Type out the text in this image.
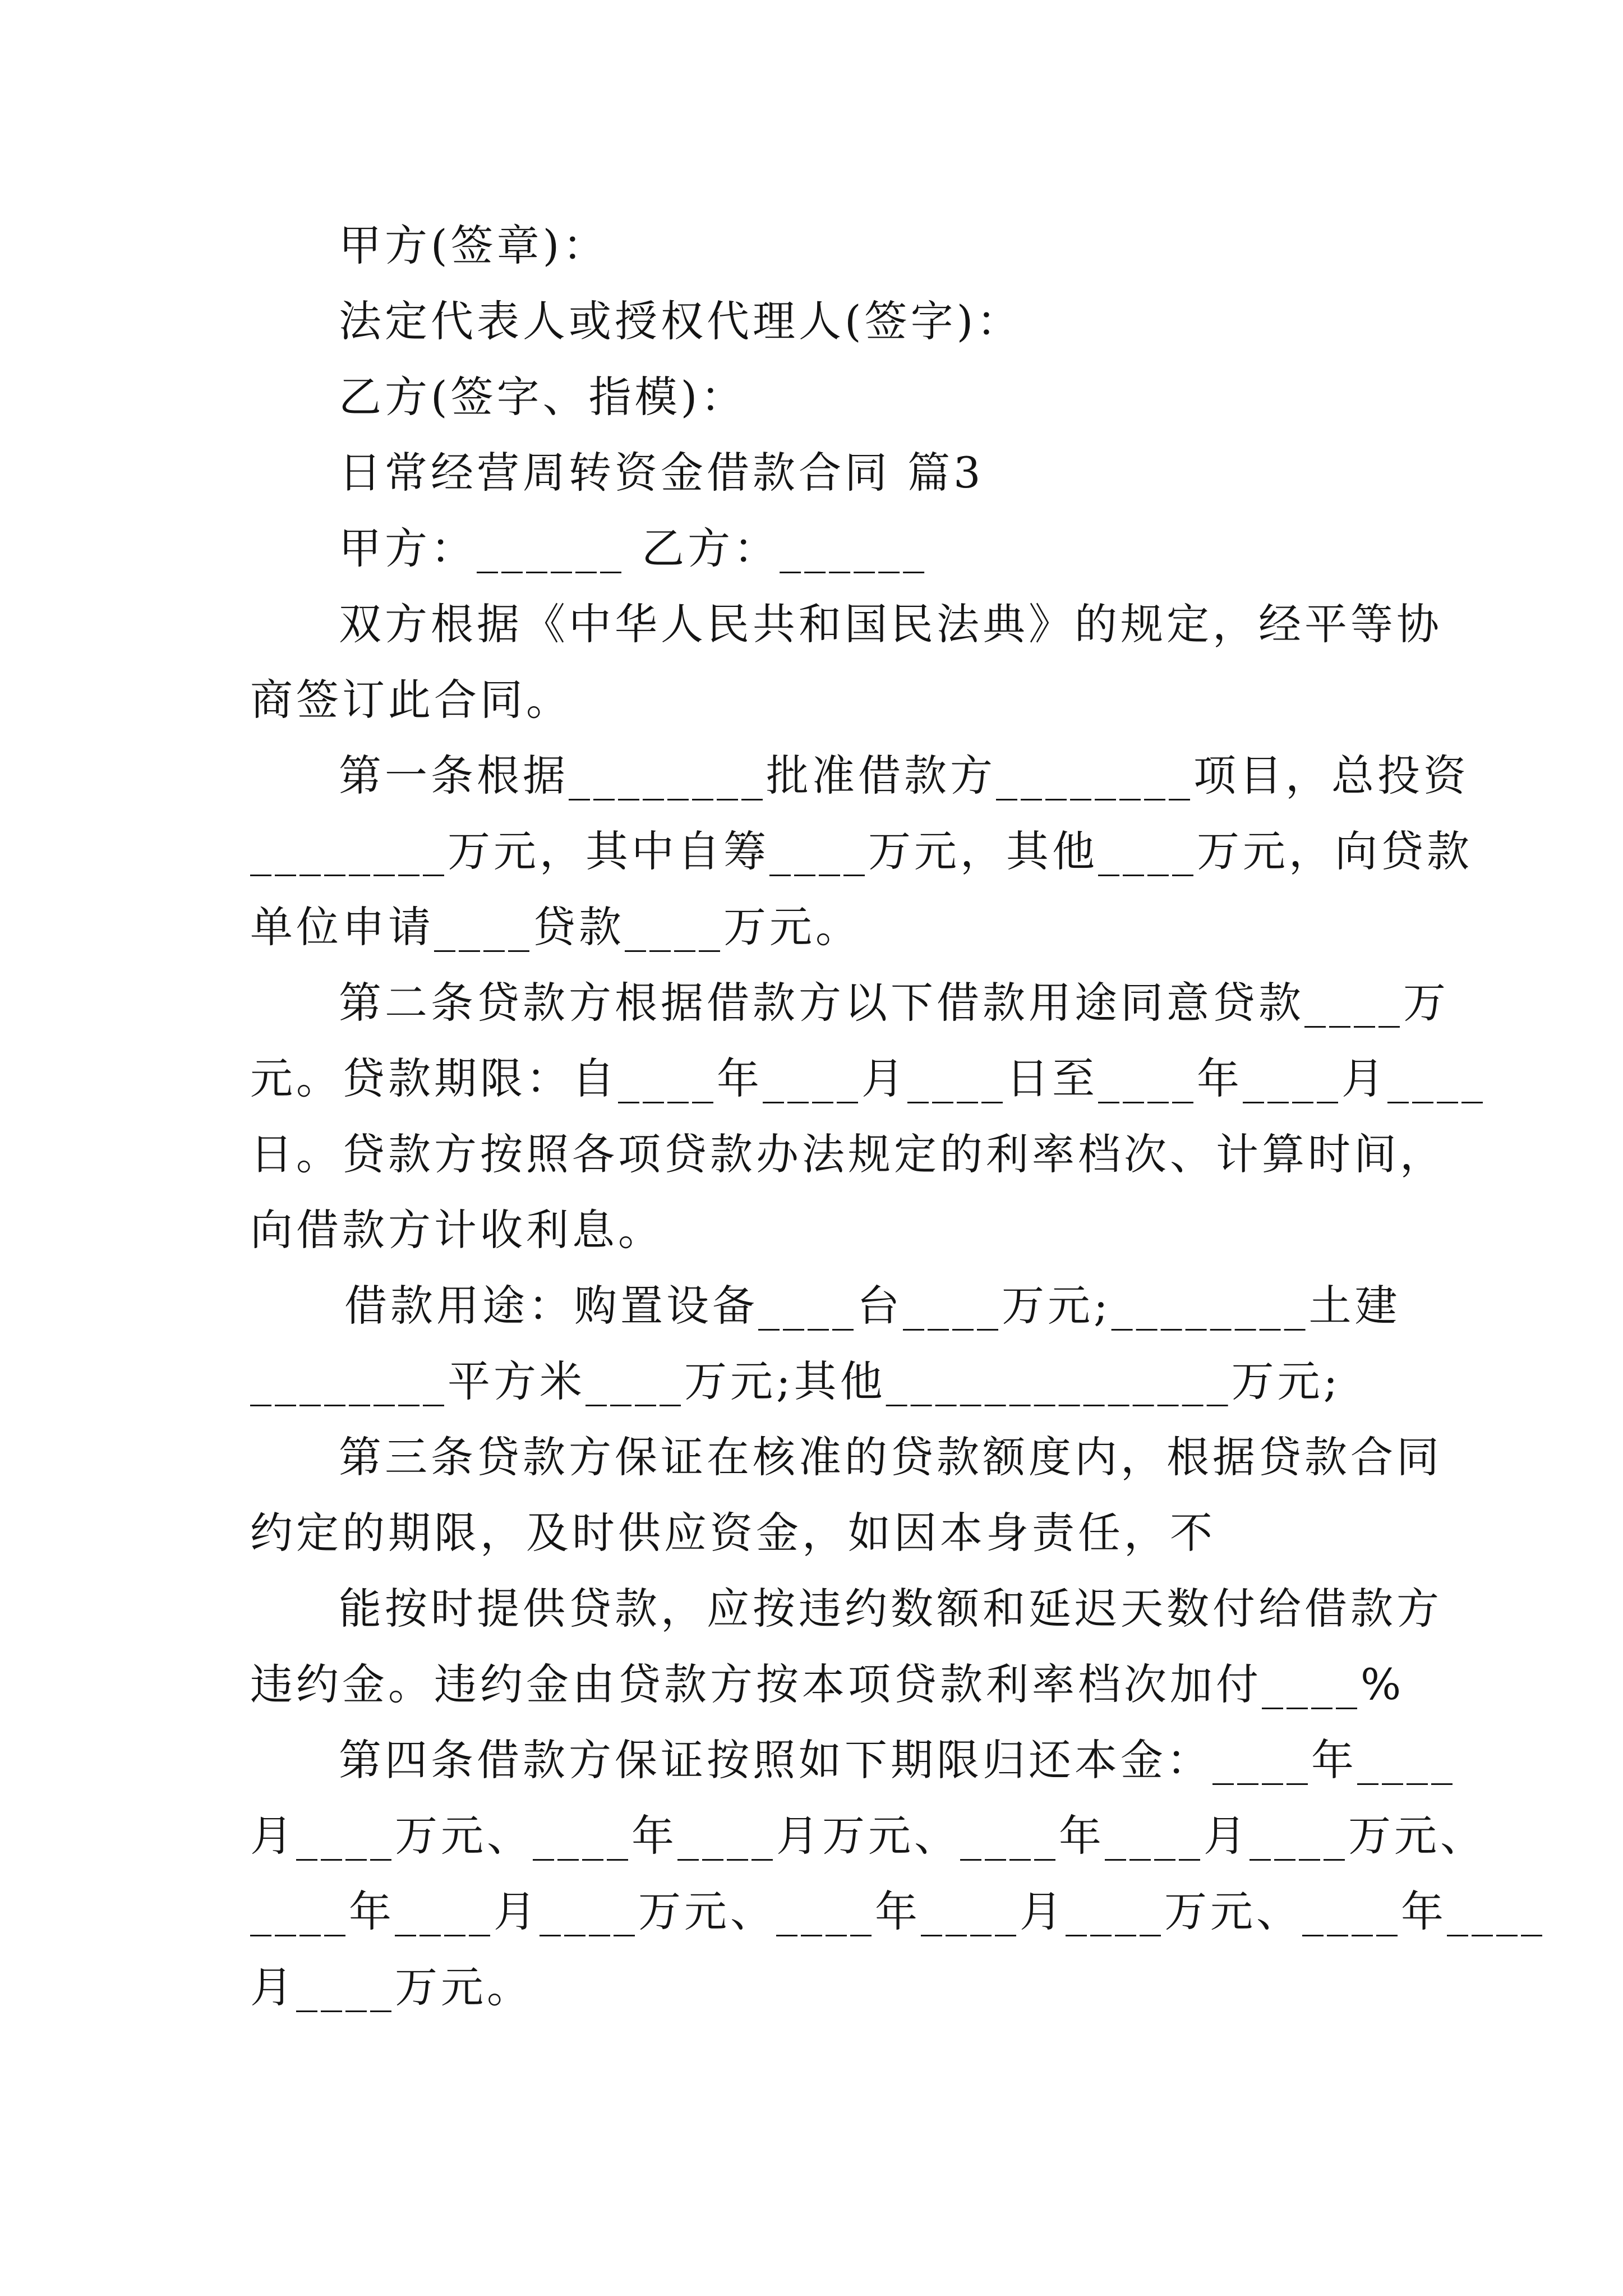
甲方(签章)：
法定代表人或授权代理人(签字)：
乙方(签字、指模)：
日常经营周转资金借款合同 篇3
甲方：______ 乙方：______
双方根据《中华人民共和国民法典》的规定，经平等协
商签订此合同。
第一条根据________批准借款方________项目，总投资
________万元，其中自筹____万元，其他____万元，向贷款
单位申请____贷款____万元。
第二条贷款方根据借款方以下借款用途同意贷款____万
元。贷款期限：自____年____月____日至____年____月____
日。贷款方按照各项贷款办法规定的利率档次、计算时间，
向借款方计收利息。
借款用途：购置设备____台____万元;________土建
________平方米____万元;其他______________万元;
第三条贷款方保证在核准的贷款额度内，根据贷款合同
约定的期限，及时供应资金，如因本身责任，不
能按时提供贷款，应按违约数额和延迟天数付给借款方
违约金。违约金由贷款方按本项贷款利率档次加付____%
第四条借款方保证按照如下期限归还本金：____年____
月____万元、____年____月万元、____年____月____万元、
____年____月____万元、____年____月____万元、____年____
月____万元。
